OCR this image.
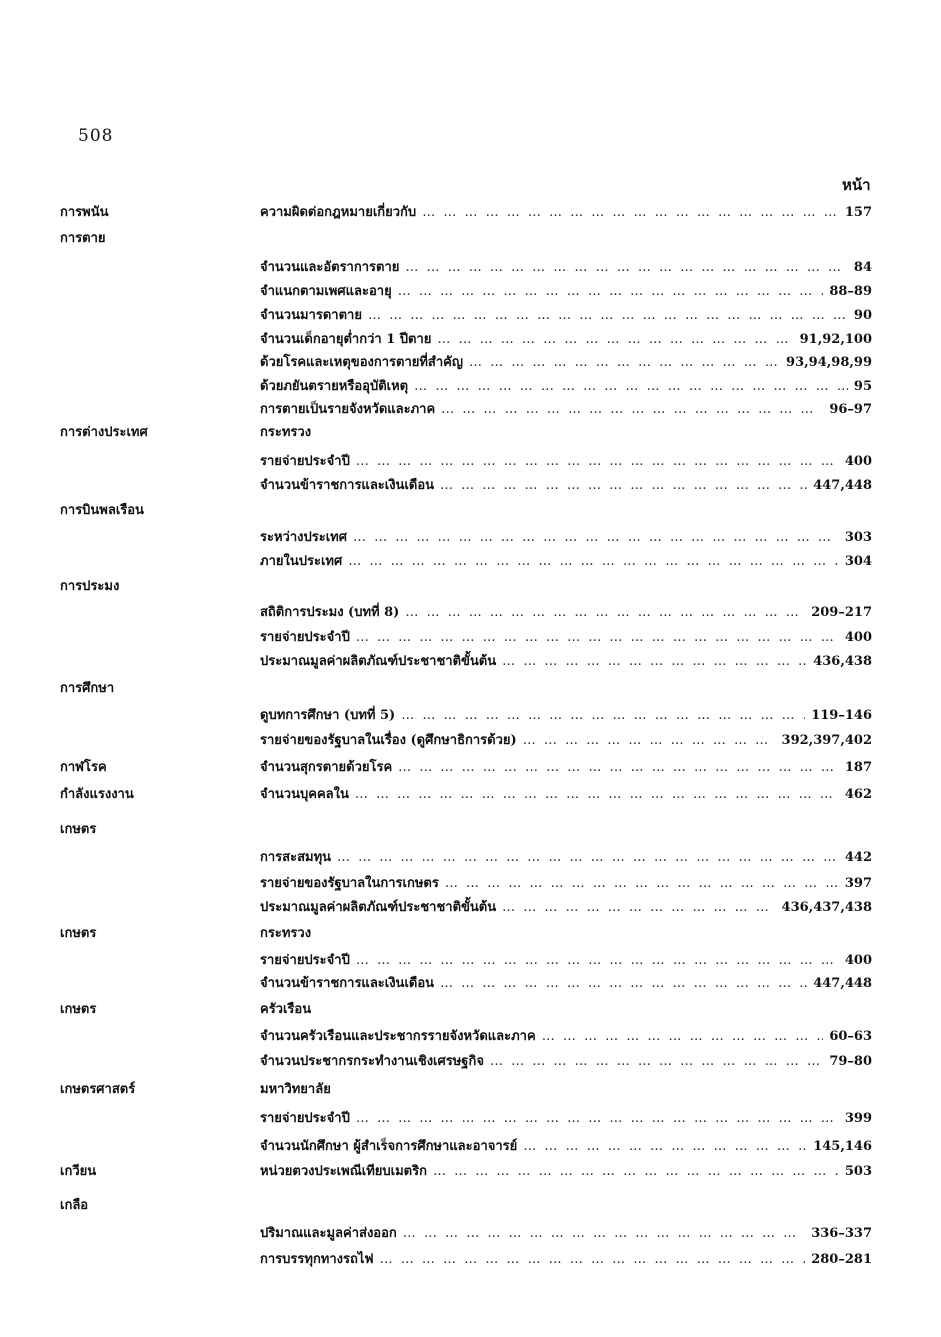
508
หน้า
การพนัน	ความผิดต่อกฎหมายเกี่ยวกับ … … … … … … … … … … … … … … … … … … … … … … … … … … … … … … … … … … … … …	157
การตาย
จำนวนและอัตราการตาย … … … … … … … … … … … … … … … … … … … … … … … … … … … … … … … … … … … … …	84
จำแนกตามเพศและอายุ … … … … … … … … … … … … … … … … … … … … … … … … … … … … … … … … … … … … …	88–89
จำนวนมารดาตาย … … … … … … … … … … … … … … … … … … … … … … … … … … … … … … … … … … … … …	90
จำนวนเด็กอายุต่ำกว่า 1 ปีตาย … … … … … … … … … … … … … … … … … … … … … … … … … … … … … … … … … … … … …	91,92,100
ด้วยโรคและเหตุของการตายที่สำคัญ … … … … … … … … … … … … … … … … … … … … … … … … … … … … … … … … … … … … …	93,94,98,99
ด้วยภยันตรายหรืออุบัติเหตุ … … … … … … … … … … … … … … … … … … … … … … … … … … … … … … … … … … … … …	95
การตายเป็นรายจังหวัดและภาค … … … … … … … … … … … … … … … … … … … … … … … … … … … … … … … … … … … … …	96–97
การต่างประเทศ	กระทรวง
รายจ่ายประจำปี … … … … … … … … … … … … … … … … … … … … … … … … … … … … … … … … … … … … …	400
จำนวนข้าราชการและเงินเดือน … … … … … … … … … … … … … … … … … … … … … … … … … … … … … … … … … … … … …	447,448
การบินพลเรือน
ระหว่างประเทศ … … … … … … … … … … … … … … … … … … … … … … … … … … … … … … … … … … … … …	303
ภายในประเทศ … … … … … … … … … … … … … … … … … … … … … … … … … … … … … … … … … … … … …	304
การประมง
สถิติการประมง (บทที่ 8) … … … … … … … … … … … … … … … … … … … … … … … … … … … … … … … … … … … … …	209–217
รายจ่ายประจำปี … … … … … … … … … … … … … … … … … … … … … … … … … … … … … … … … … … … … …	400
ประมาณมูลค่าผลิตภัณฑ์ประชาชาติขั้นต้น … … … … … … … … … … … … … … … … … … … … … … … … … … … … … … … … … … … … …	436,438
การศึกษา
ดูบทการศึกษา (บทที่ 5) … … … … … … … … … … … … … … … … … … … … … … … … … … … … … … … … … … … … …	119–146
รายจ่ายของรัฐบาลในเรื่อง (ดูศึกษาธิการด้วย) … … … … … … … … … … … … … … … … … … … … … … … … … … … … … … … … … … … … …	392,397,402
กาฬโรค	จำนวนสุกรตายด้วยโรค … … … … … … … … … … … … … … … … … … … … … … … … … … … … … … … … … … … … …	187
กำลังแรงงาน	จำนวนบุคคลใน … … … … … … … … … … … … … … … … … … … … … … … … … … … … … … … … … … … … …	462
เกษตร
การสะสมทุน … … … … … … … … … … … … … … … … … … … … … … … … … … … … … … … … … … … … …	442
รายจ่ายของรัฐบาลในการเกษตร … … … … … … … … … … … … … … … … … … … … … … … … … … … … … … … … … … … … …	397
ประมาณมูลค่าผลิตภัณฑ์ประชาชาติขั้นต้น … … … … … … … … … … … … … … … … … … … … … … … … … … … … … … … … … … … … …	436,437,438
เกษตร	กระทรวง
รายจ่ายประจำปี … … … … … … … … … … … … … … … … … … … … … … … … … … … … … … … … … … … … …	400
จำนวนข้าราชการและเงินเดือน … … … … … … … … … … … … … … … … … … … … … … … … … … … … … … … … … … … … …	447,448
เกษตร	ครัวเรือน
จำนวนครัวเรือนและประชากรรายจังหวัดและภาค … … … … … … … … … … … … … … … … … … … … … … … … … … … … … … … … … … … … …	60–63
จำนวนประชากรกระทำงานเชิงเศรษฐกิจ … … … … … … … … … … … … … … … … … … … … … … … … … … … … … … … … … … … … …	79–80
เกษตรศาสตร์	มหาวิทยาลัย
รายจ่ายประจำปี … … … … … … … … … … … … … … … … … … … … … … … … … … … … … … … … … … … … …	399
จำนวนนักศึกษา ผู้สำเร็จการศึกษาและอาจารย์ … … … … … … … … … … … … … … … … … … … … … … … … … … … … … … … … … … … … …	145,146
เกวียน	หน่วยตวงประเพณีเทียบเมตริก … … … … … … … … … … … … … … … … … … … … … … … … … … … … … … … … … … … … …	503
เกลือ
ปริมาณและมูลค่าส่งออก … … … … … … … … … … … … … … … … … … … … … … … … … … … … … … … … … … … … …	336–337
การบรรทุกทางรถไฟ … … … … … … … … … … … … … … … … … … … … … … … … … … … … … … … … … … … … …	280–281
